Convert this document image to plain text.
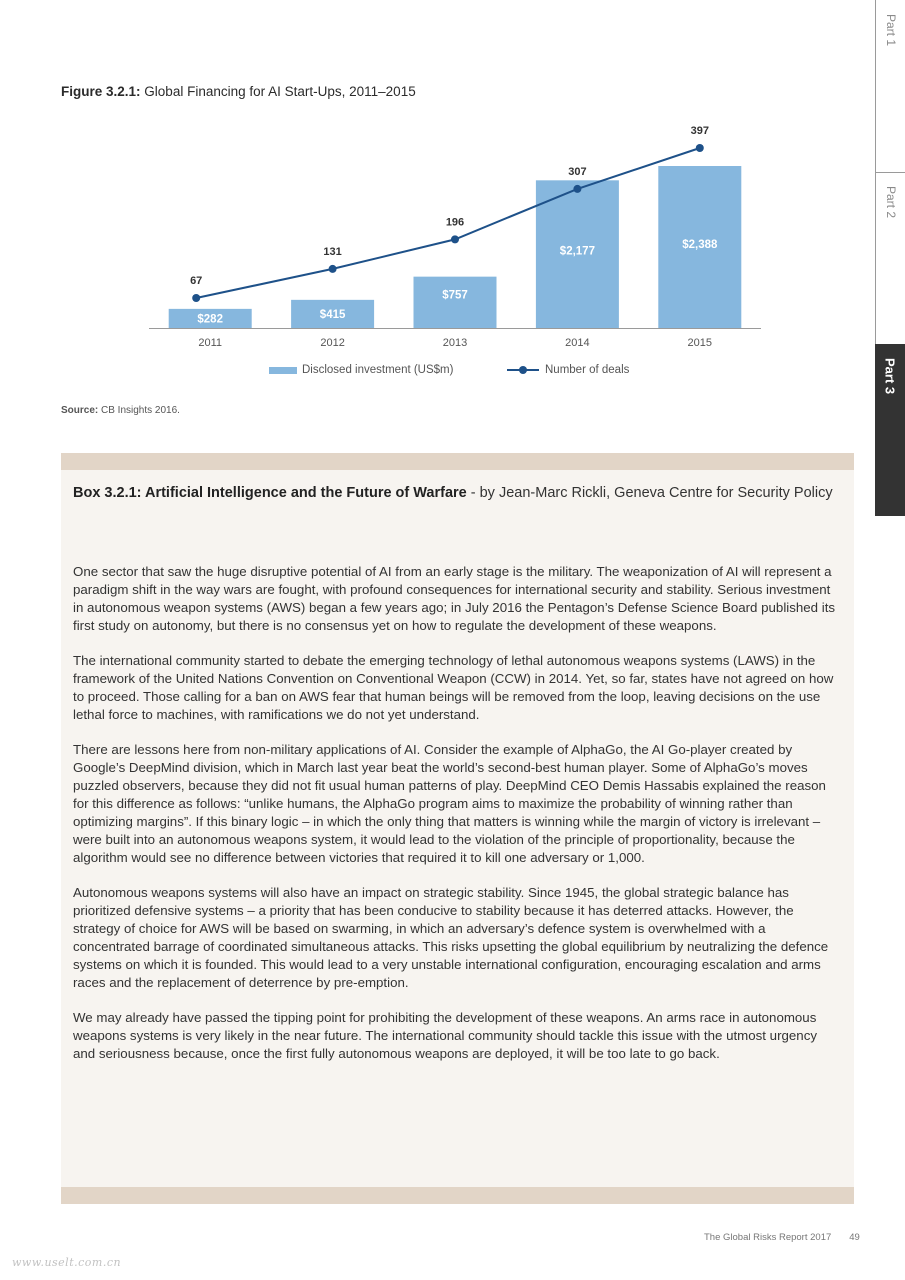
Part 1
Part 2
Part 3
Figure 3.2.1: Global Financing for AI Start-Ups, 2011–2015
$282	$415
$757
$2,177
$2,388
2011	2012	2013	2014	2015
67
131
196
307
397
Disclosed investment (US$m)	Number of deals
Source: CB Insights 2016.
Box 3.2.1: Artificial Intelligence and the Future of Warfare - by Jean-Marc Rickli, Geneva Centre for Security Policy

One sector that saw the huge disruptive potential of AI from an early stage is the military. The weaponization of AI will represent a paradigm shift in the way wars are fought, with profound consequences for international security and stability. Serious investment in autonomous weapon systems (AWS) began a few years ago; in July 2016 the Pentagon’s Defense Science Board published its first study on autonomy, but there is no consensus yet on how to regulate the development of these weapons.

The international community started to debate the emerging technology of lethal autonomous weapons systems (LAWS) in the framework of the United Nations Convention on Conventional Weapon (CCW) in 2014. Yet, so far, states have not agreed on how to proceed. Those calling for a ban on AWS fear that human beings will be removed from the loop, leaving decisions on the use lethal force to machines, with ramifications we do not yet understand.

There are lessons here from non-military applications of AI. Consider the example of AlphaGo, the AI Go-player created by Google’s DeepMind division, which in March last year beat the world’s second-best human player. Some of AlphaGo’s moves puzzled observers, because they did not fit usual human patterns of play. DeepMind CEO Demis Hassabis explained the reason for this difference as follows: “unlike humans, the AlphaGo program aims to maximize the probability of winning rather than optimizing margins”. If this binary logic – in which the only thing that matters is winning while the margin of victory is irrelevant – were built into an autonomous weapons system, it would lead to the violation of the principle of proportionality, because the algorithm would see no difference between victories that required it to kill one adversary or 1,000.

Autonomous weapons systems will also have an impact on strategic stability. Since 1945, the global strategic balance has prioritized defensive systems – a priority that has been conducive to stability because it has deterred attacks. However, the strategy of choice for AWS will be based on swarming, in which an adversary’s defence system is overwhelmed with a concentrated barrage of coordinated simultaneous attacks. This risks upsetting the global equilibrium by neutralizing the defence systems on which it is founded. This would lead to a very unstable international configuration, encouraging escalation and arms races and the replacement of deterrence by pre-emption.

We may already have passed the tipping point for prohibiting the development of these weapons. An arms race in autonomous weapons systems is very likely in the near future. The international community should tackle this issue with the utmost urgency and seriousness because, once the first fully autonomous weapons are deployed, it will be too late to go back.

The Global Risks Report 2017 49
www.uselt.com.cn
